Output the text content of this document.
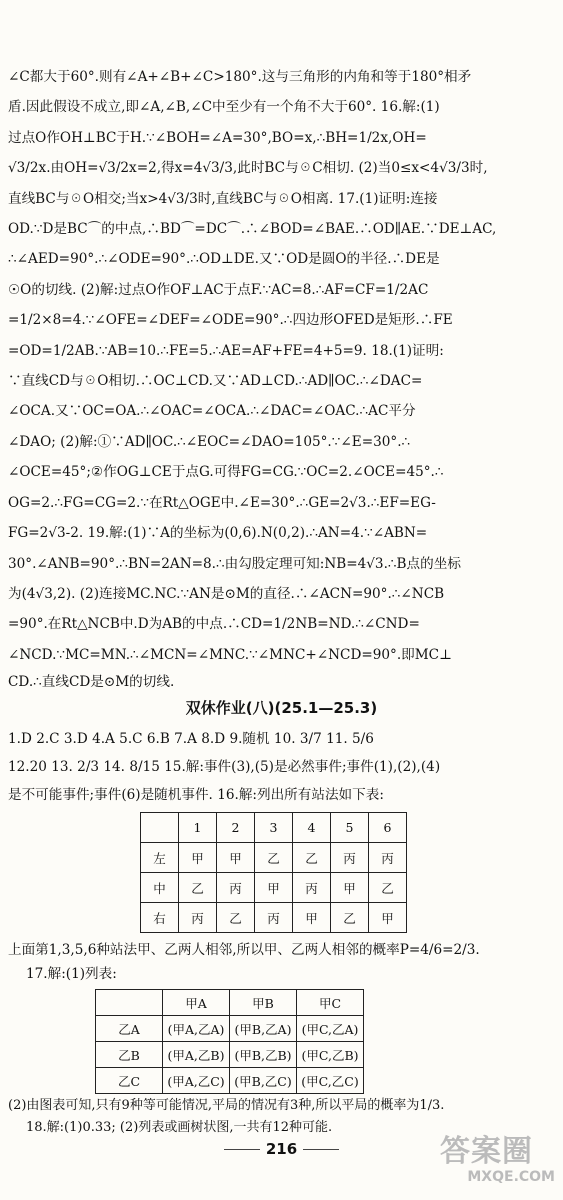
∠C都大于60°.则有∠A+∠B+∠C>180°.这与三角形的内角和等于180°相矛

盾.因此假设不成立,即∠A,∠B,∠C中至少有一个角不大于60°. 16.解:(1)

过点O作OH⊥BC于H.∵∠BOH=∠A=30°,BO=x,∴BH=1/2x,OH=

√3/2x.由OH=√3/2x=2,得x=4√3/3,此时BC与☉C相切. (2)当0≤x<4√3/3时,

直线BC与☉O相交;当x>4√3/3时,直线BC与☉O相离. 17.(1)证明:连接

OD.∵D是BC⌒的中点,∴BD⌒=DC⌒.∴∠BOD=∠BAE.∴OD∥AE.∵DE⊥AC,

∴∠AED=90°.∴∠ODE=90°.∴OD⊥DE.又∵OD是圆O的半径.∴DE是

☉O的切线. (2)解:过点O作OF⊥AC于点F.∵AC=8.∴AF=CF=1/2AC

=1/2×8=4.∵∠OFE=∠DEF=∠ODE=90°.∴四边形OFED是矩形.∴FE

=OD=1/2AB.∵AB=10.∴FE=5.∴AE=AF+FE=4+5=9. 18.(1)证明:

∵直线CD与☉O相切.∴OC⊥CD.又∵AD⊥CD.∴AD∥OC.∴∠DAC=

∠OCA.又∵OC=OA.∴∠OAC=∠OCA.∴∠DAC=∠OAC.∴AC平分

∠DAO; (2)解:①∵AD∥OC.∴∠EOC=∠DAO=105°.∵∠E=30°.∴

∠OCE=45°;②作OG⊥CE于点G.可得FG=CG.∵OC=2.∠OCE=45°.∴

OG=2.∴FG=CG=2.∵在Rt△OGE中.∠E=30°.∴GE=2√3.∴EF=EG-

FG=2√3-2. 19.解:(1)∵A的坐标为(0,6).N(0,2).∴AN=4.∵∠ABN=

30°.∠ANB=90°.∴BN=2AN=8.∴由勾股定理可知:NB=4√3.∴B点的坐标

为(4√3,2). (2)连接MC.NC.∵AN是⊙M的直径.∴∠ACN=90°.∴∠NCB

=90°.在Rt△NCB中.D为AB的中点.∴CD=1/2NB=ND.∴∠CND=

∠NCD.∵MC=MN.∴∠MCN=∠MNC.∵∠MNC+∠NCD=90°.即MC⊥

CD.∴直线CD是⊙M的切线.

双休作业(八)(25.1—25.3)

1.D 2.C 3.D 4.A 5.C 6.B 7.A 8.D 9.随机 10. 3/7 11. 5/6

12.20 13. 2/3 14. 8/15 15.解:事件(3),(5)是必然事件;事件(1),(2),(4)

是不可能事件;事件(6)是随机事件. 16.解:列出所有站法如下表:

	1	2	3	4	5	6
左	甲	甲	乙	乙	丙	丙
中	乙	丙	甲	丙	甲	乙
右	丙	乙	丙	甲	乙	甲

上面第1,3,5,6种站法甲、乙两人相邻,所以甲、乙两人相邻的概率P=4/6=2/3.

17.解:(1)列表:

	甲A	甲B	甲C
乙A	(甲A,乙A)	(甲B,乙A)	(甲C,乙A)
乙B	(甲A,乙B)	(甲B,乙B)	(甲C,乙B)
乙C	(甲A,乙C)	(甲B,乙C)	(甲C,乙C)

(2)由图表可知,只有9种等可能情况,平局的情况有3种,所以平局的概率为1/3.

18.解:(1)0.33; (2)列表或画树状图,一共有12种可能.

216	答案圈
MXQE.COM
